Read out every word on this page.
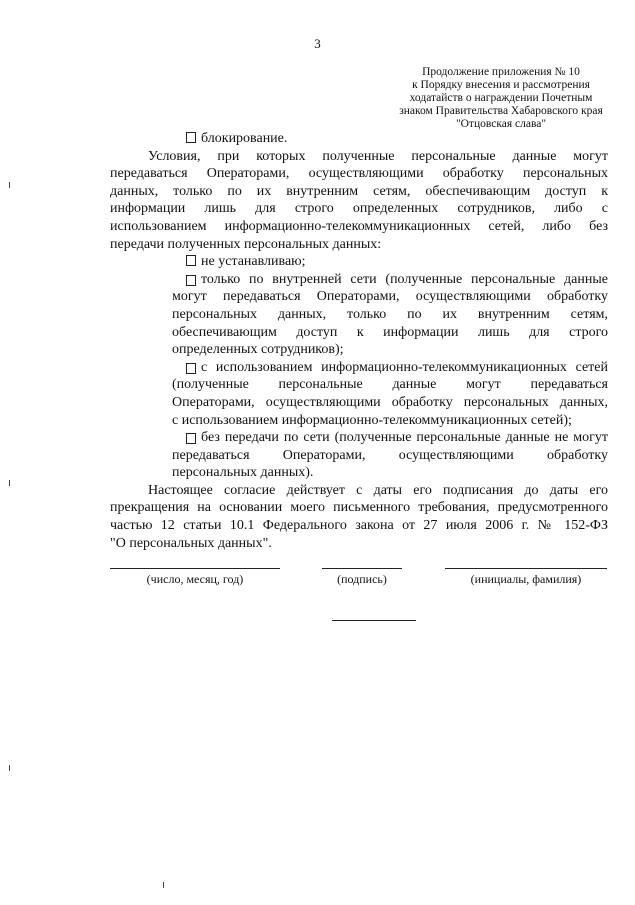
3
Продолжение приложения № 10
к Порядку внесения и рассмотрения
ходатайств о награждении Почетным
знаком Правительства Хабаровского края
"Отцовская слава"
блокирование.
Условия, при которых полученные персональные данные могут
передаваться Операторами, осуществляющими обработку персональных
данных, только по их внутренним сетям, обеспечивающим доступ к
информации лишь для строго определенных сотрудников, либо с
использованием информационно-телекоммуникационных сетей, либо без
передачи полученных персональных данных:
не устанавливаю;
только по внутренней сети (полученные персональные данные
могут передаваться Операторами, осуществляющими обработку
персональных данных, только по их внутренним сетям,
обеспечивающим доступ к информации лишь для строго
определенных сотрудников);
с использованием информационно-телекоммуникационных сетей
(полученные персональные данные могут передаваться
Операторами, осуществляющими обработку персональных данных,
с использованием информационно-телекоммуникационных сетей);
без передачи по сети (полученные персональные данные не могут
передаваться Операторами, осуществляющими обработку
персональных данных).
Настоящее согласие действует с даты его подписания до даты его
прекращения на основании моего письменного требования, предусмотренного
частью 12 статьи 10.1 Федерального закона от 27 июля 2006 г. № 152-ФЗ
"О персональных данных".
(число, месяц, год)	(подпись)	(инициалы, фамилия)
